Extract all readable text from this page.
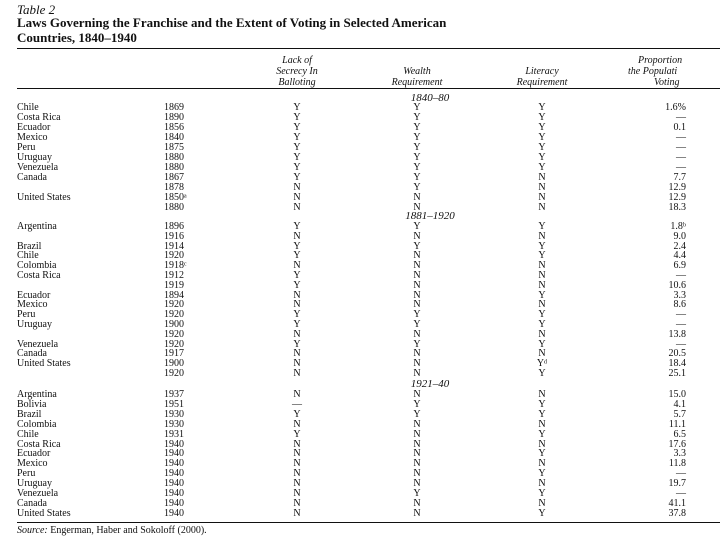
Table 2
Laws Governing the Franchise and the Extent of Voting in Selected American
Countries, 1840–1940
Lack of
Secrecy In
Balloting
Wealth
Requirement
Literacy
Requirement
Proportion
the Populati
Voting
1840–80
1881–1920
1921–40
Chile	1869	Y	Y	Y	1.6%
Costa Rica	1890	Y	Y	Y	—
Ecuador	1856	Y	Y	Y	0.1
Mexico	1840	Y	Y	Y	—
Peru	1875	Y	Y	Y	—
Uruguay	1880	Y	Y	Y	—
Venezuela	1880	Y	Y	Y	—
Canada	1867	Y	Y	N	7.7
1878	N	Y	N	12.9
United States	1850ᵃ	N	N	N	12.9
1880	N	N	N	18.3
Argentina	1896	Y	Y	Y	1.8ᵇ
1916	N	N	N	9.0
Brazil	1914	Y	Y	Y	2.4
Chile	1920	Y	N	Y	4.4
Colombia	1918ᶜ	N	N	N	6.9
Costa Rica	1912	Y	N	N	—
1919	Y	N	N	10.6
Ecuador	1894	N	N	Y	3.3
Mexico	1920	N	N	N	8.6
Peru	1920	Y	Y	Y	—
Uruguay	1900	Y	Y	Y	—
1920	N	N	N	13.8
Venezuela	1920	Y	Y	Y	—
Canada	1917	N	N	N	20.5
United States	1900	N	N	Yᵈ	18.4
1920	N	N	Y	25.1
Argentina	1937	N	N	N	15.0
Bolivia	1951	—	Y	Y	4.1
Brazil	1930	Y	Y	Y	5.7
Colombia	1930	N	N	N	11.1
Chile	1931	Y	N	Y	6.5
Costa Rica	1940	N	N	N	17.6
Ecuador	1940	N	N	Y	3.3
Mexico	1940	N	N	N	11.8
Peru	1940	N	N	Y	—
Uruguay	1940	N	N	N	19.7
Venezuela	1940	N	Y	Y	—
Canada	1940	N	N	N	41.1
United States	1940	N	N	Y	37.8
Source: Engerman, Haber and Sokoloff (2000).
